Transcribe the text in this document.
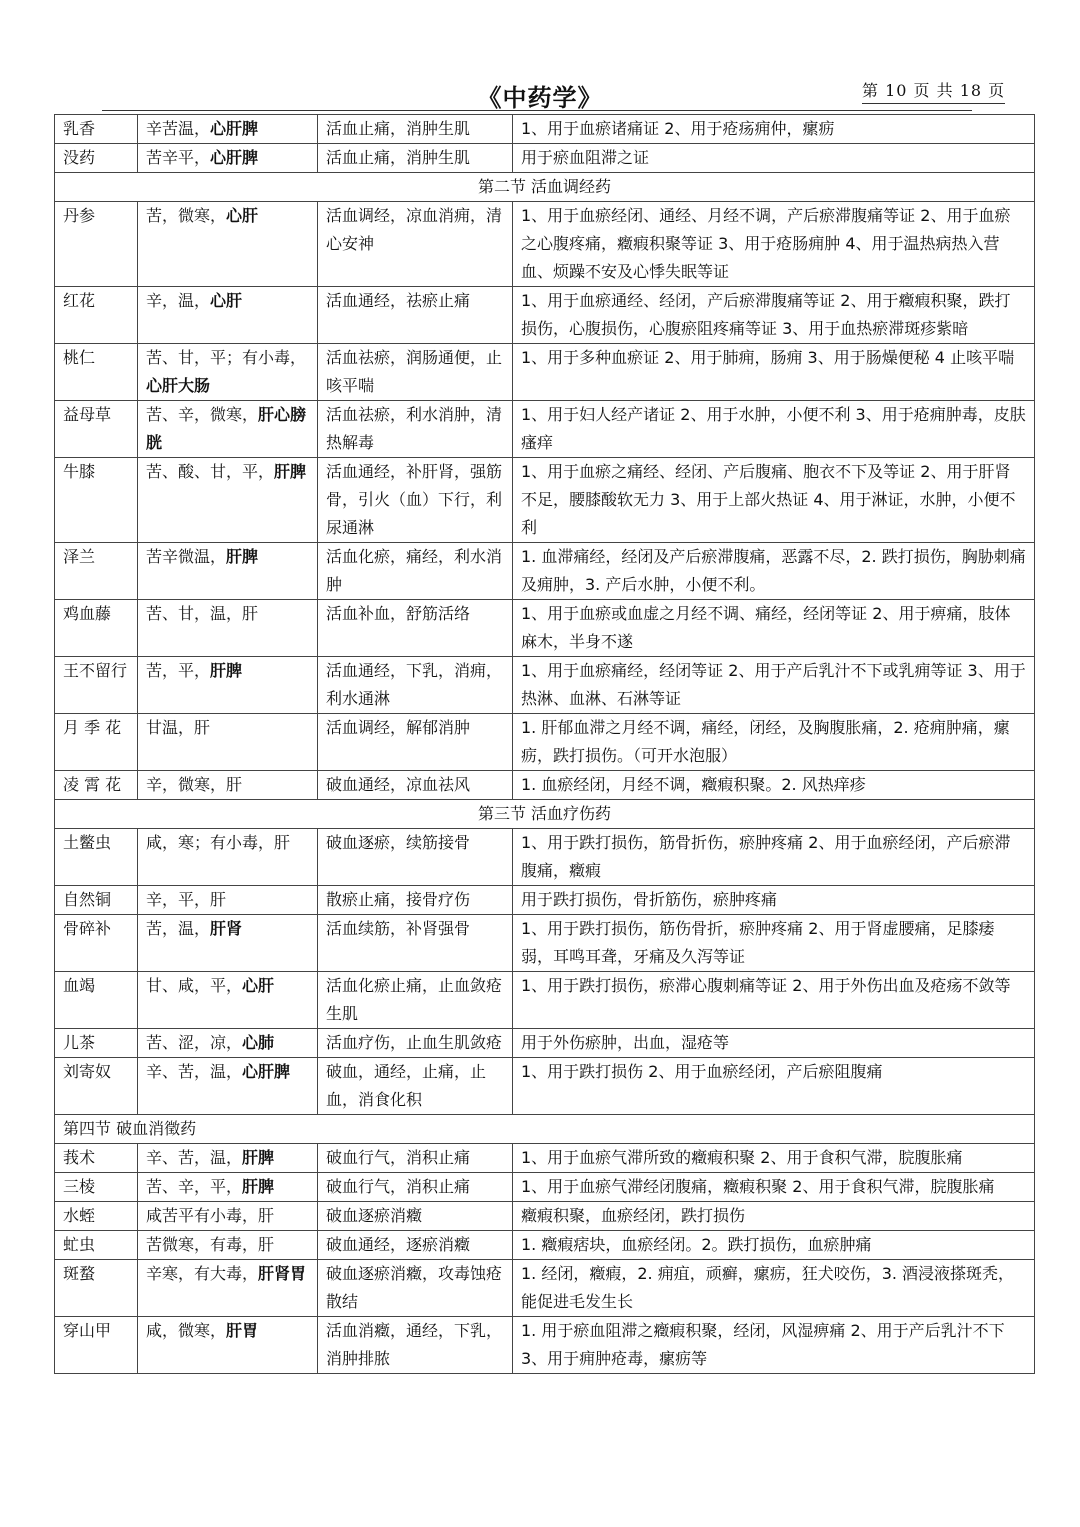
《中药学》	第 10 页 共 18 页
乳香	辛苦温，心肝脾	活血止痛，消肿生肌	1、用于血瘀诸痛证 2、用于疮疡痈仲，瘰疬
没药	苦辛平，心肝脾	活血止痛，消肿生肌	用于瘀血阻滞之证
第二节 活血调经药			
丹参	苦，微寒，心肝	活血调经，凉血消痈，清心安神	1、用于血瘀经闭、通经、月经不调，产后瘀滞腹痛等证 2、用于血瘀之心腹疼痛，癥瘕积聚等证 3、用于疮肠痈肿 4、用于温热病热入营血、烦躁不安及心悸失眠等证
红花	辛，温，心肝	活血通经，祛瘀止痛	1、用于血瘀通经、经闭，产后瘀滞腹痛等证 2、用于癥瘕积聚，跌打损伤，心腹损伤，心腹瘀阻疼痛等证 3、用于血热瘀滞斑疹紫暗
桃仁	苦、甘，平；有小毒，心肝大肠	活血祛瘀，润肠通便，止咳平喘	1、用于多种血瘀证 2、用于肺痈，肠痈 3、用于肠燥便秘 4 止咳平喘
益母草	苦、辛，微寒，肝心膀胱	活血祛瘀，利水消肿，清热解毒	1、用于妇人经产诸证 2、用于水肿，小便不利 3、用于疮痈肿毒，皮肤瘙痒
牛膝	苦、酸、甘，平，肝脾	活血通经，补肝肾，强筋骨，引火（血）下行，利尿通淋	1、用于血瘀之痛经、经闭、产后腹痛、胞衣不下及等证 2、用于肝肾不足，腰膝酸软无力 3、用于上部火热证 4、用于淋证，水肿，小便不利
泽兰	苦辛微温，肝脾	活血化瘀，痛经，利水消肿	1. 血滞痛经，经闭及产后瘀滞腹痛，恶露不尽，2. 跌打损伤，胸胁刺痛及痈肿，3. 产后水肿，小便不利。
鸡血藤	苦、甘，温，肝	活血补血，舒筋活络	1、用于血瘀或血虚之月经不调、痛经，经闭等证 2、用于痹痛，肢体麻木，半身不遂
王不留行	苦，平，肝脾	活血通经，下乳，消痈，利水通淋	1、用于血瘀痛经，经闭等证 2、用于产后乳汁不下或乳痈等证 3、用于热淋、血淋、石淋等证
月 季 花	甘温，肝	活血调经，解郁消肿	1. 肝郁血滞之月经不调，痛经，闭经，及胸腹胀痛，2. 疮痈肿痛，瘰疬，跌打损伤。（可开水泡服）
凌 霄 花	辛，微寒，肝	破血通经，凉血祛风	1. 血瘀经闭，月经不调，癥瘕积聚。2. 风热痒疹
第三节 活血疗伤药			
土鳖虫	咸，寒；有小毒，肝	破血逐瘀，续筋接骨	1、用于跌打损伤，筋骨折伤，瘀肿疼痛 2、用于血瘀经闭，产后瘀滞腹痛，癥瘕
自然铜	辛，平，肝	散瘀止痛，接骨疗伤	用于跌打损伤，骨折筋伤，瘀肿疼痛
骨碎补	苦，温，肝肾	活血续筋，补肾强骨	1、用于跌打损伤，筋伤骨折，瘀肿疼痛 2、用于肾虚腰痛，足膝痿弱，耳鸣耳聋，牙痛及久泻等证
血竭	甘、咸，平，心肝	活血化瘀止痛，止血敛疮生肌	1、用于跌打损伤，瘀滞心腹刺痛等证 2、用于外伤出血及疮疡不敛等
儿茶	苦、涩，凉，心肺	活血疗伤，止血生肌敛疮	用于外伤瘀肿，出血，湿疮等
刘寄奴	辛、苦，温，心肝脾	破血，通经，止痛，止血，消食化积	1、用于跌打损伤 2、用于血瘀经闭，产后瘀阻腹痛
第四节 破血消徵药			
莪术	辛、苦，温，肝脾	破血行气，消积止痛	1、用于血瘀气滞所致的癥瘕积聚 2、用于食积气滞，脘腹胀痛
三棱	苦、辛，平，肝脾	破血行气，消积止痛	1、用于血瘀气滞经闭腹痛，癥瘕积聚 2、用于食积气滞，脘腹胀痛
水蛭	咸苦平有小毒，肝	破血逐瘀消癥	癥瘕积聚，血瘀经闭，跌打损伤
虻虫	苦微寒，有毒，肝	破血通经，逐瘀消癥	1. 癥瘕痞块，血瘀经闭。2。跌打损伤，血瘀肿痛
斑蝥	辛寒，有大毒，肝肾胃	破血逐瘀消癥，攻毒蚀疮散结	1. 经闭，癥瘕，2. 痈疽，顽癣，瘰疬，狂犬咬伤，3. 酒浸液搽斑秃，能促进毛发生长
穿山甲	咸，微寒，肝胃	活血消癥，通经，下乳，消肿排脓	1. 用于瘀血阻滞之癥瘕积聚，经闭，风湿痹痛 2、用于产后乳汁不下 3、用于痈肿疮毒，瘰疬等
